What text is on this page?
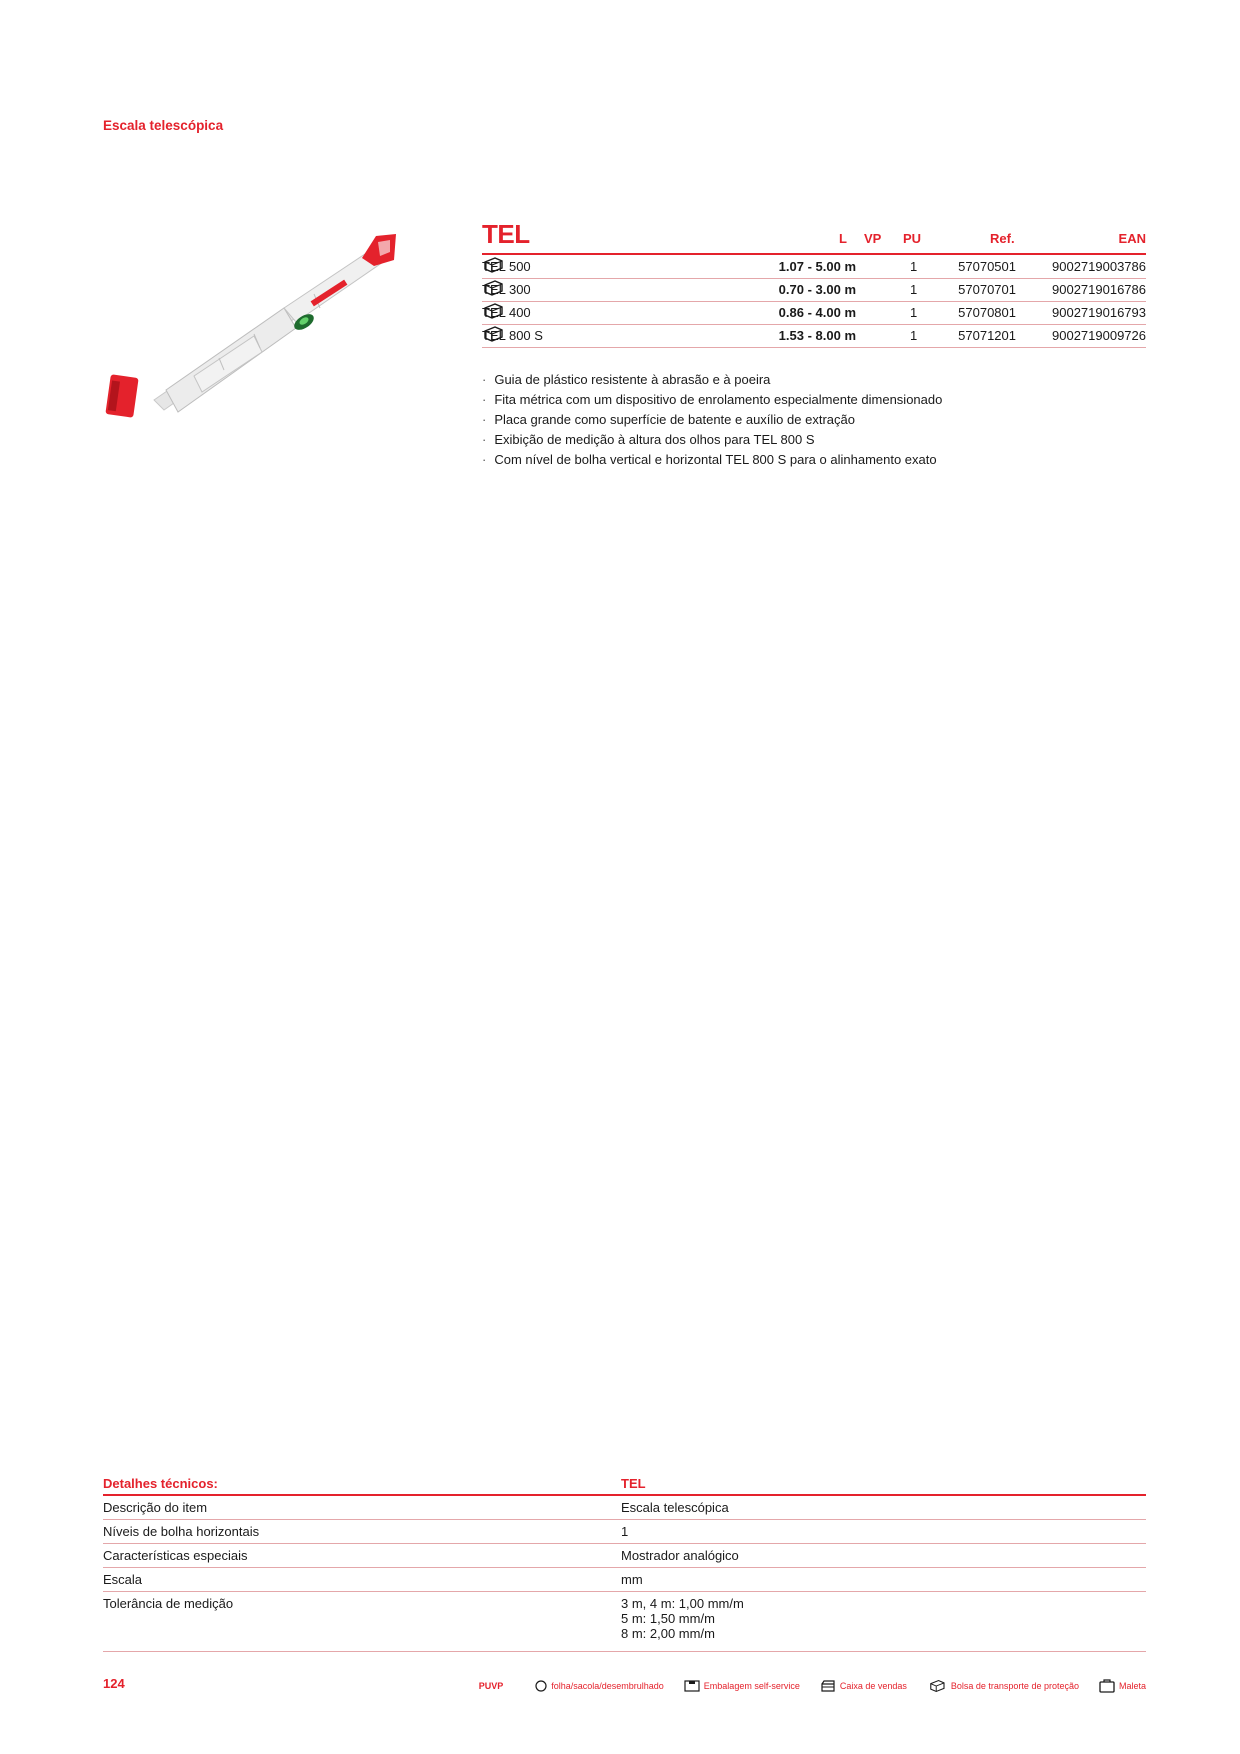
Escala telescópica
TEL	L VP PU	Ref.	EAN
TEL 500	1.07 - 5.00 m	1	57070501	9002719003786
TEL 300	0.70 - 3.00 m	1	57070701	9002719016786
TEL 400	0.86 - 4.00 m	1	57070801	9002719016793
TEL 800 S	1.53 - 8.00 m	1	57071201	9002719009726
· Guia de plástico resistente à abrasão e à poeira
· Fita métrica com um dispositivo de enrolamento especialmente dimensionado
· Placa grande como superfície de batente e auxílio de extração
· Exibição de medição à altura dos olhos para TEL 800 S
· Com nível de bolha vertical e horizontal TEL 800 S para o alinhamento exato
Detalhes técnicos:	TEL
Descrição do item	Escala telescópica
Níveis de bolha horizontais	1
Características especiais	Mostrador analógico
Escala	mm
Tolerância de medição	3 m, 4 m: 1,00 mm/m
5 m: 1,50 mm/m
8 m: 2,00 mm/m
124	PUVP	folha/sacola/desembrulhado	Embalagem self-service	Caixa de vendas	Bolsa de transporte de proteção	Maleta
